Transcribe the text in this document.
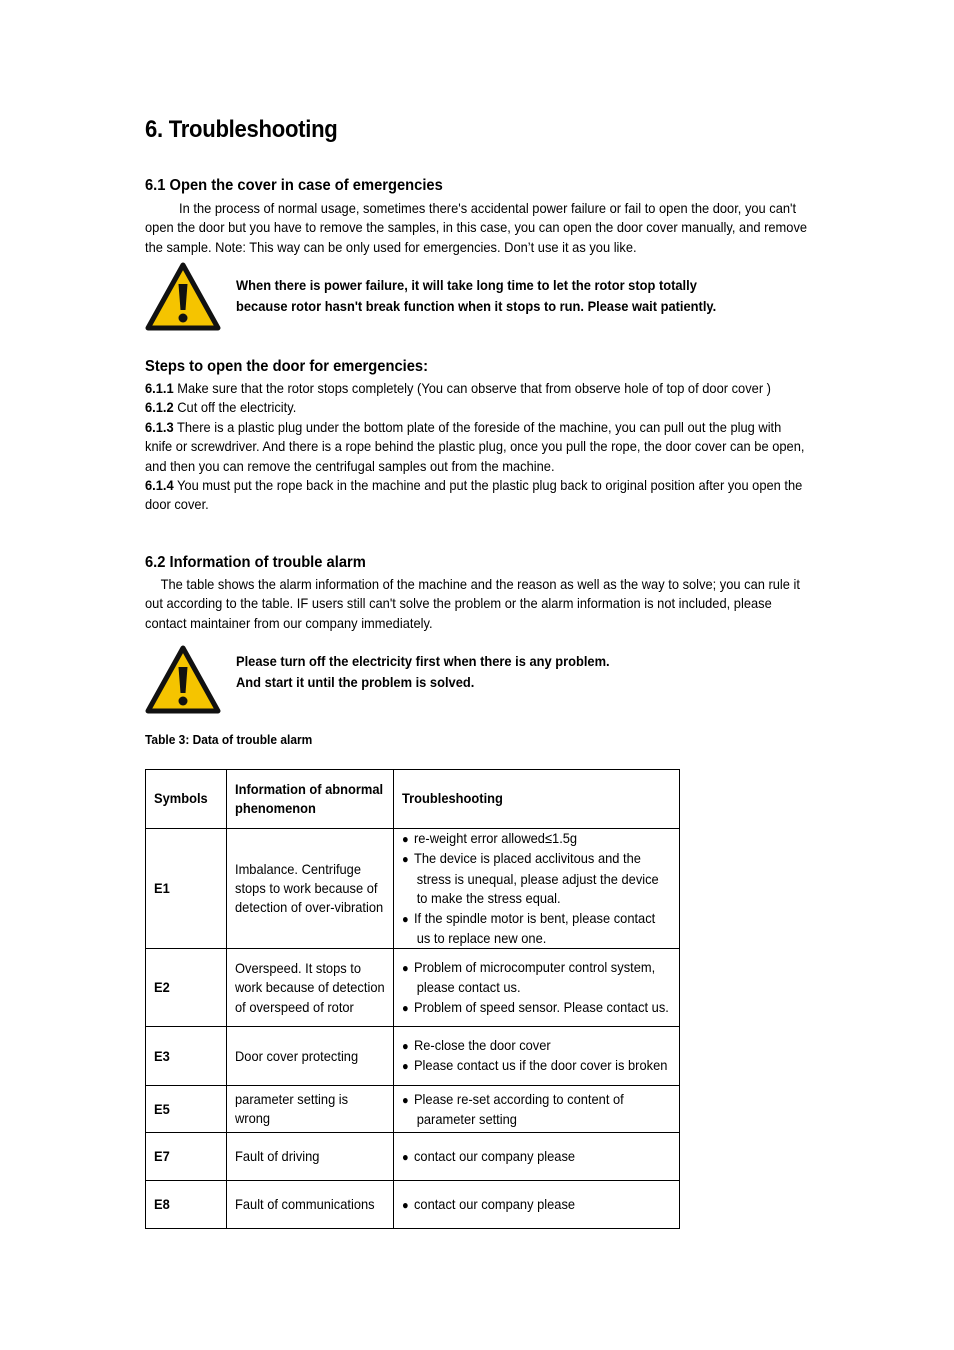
6. Troubleshooting
6.1 Open the cover in case of emergencies

In the process of normal usage, sometimes there's accidental power failure or fail to open the door, you can't open the door but you have to remove the samples, in this case, you can open the door cover manually, and remove the sample. Note: This way can be only used for emergencies. Don’t use it as you like.

When there is power failure, it will take long time to let the rotor stop totally
because rotor hasn't break function when it stops to run. Please wait patiently.
Steps to open the door for emergencies:

6.1.1 Make sure that the rotor stops completely (You can observe that from observe hole of top of door cover )

6.1.2 Cut off the electricity.

6.1.3 There is a plastic plug under the bottom plate of the foreside of the machine, you can pull out the plug with knife or screwdriver. And there is a rope behind the plastic plug, once you pull the rope, the door cover can be open, and then you can remove the centrifugal samples out from the machine.

6.1.4 You must put the rope back in the machine and put the plastic plug back to original position after you open the door cover.

6.2 Information of trouble alarm

The table shows the alarm information of the machine and the reason as well as the way to solve; you can rule it out according to the table. IF users still can't solve the problem or the alarm information is not included, please contact maintainer from our company immediately.

Please turn off the electricity first when there is any problem.
And start it until the problem is solved.
Table 3: Data of trouble alarm
Symbols	Information of abnormal phenomenon	Troubleshooting

E1	Imbalance. Centrifuge stops to work because of detection of over-vibration	● re-weight error allowed≤1.5g
● The device is placed acclivitous and the stress is unequal, please adjust the device to make the stress equal.
● If the spindle motor is bent, please contact us to replace new one.

E2	Overspeed. It stops to work because of detection of overspeed of rotor	● Problem of microcomputer control system, please contact us.
● Problem of speed sensor. Please contact us.

E3	Door cover protecting	● Re-close the door cover
● Please contact us if the door cover is broken

E5	parameter setting is wrong	● Please re-set according to content of parameter setting

E7	Fault of driving	● contact our company please

E8	Fault of communications	● contact our company please
